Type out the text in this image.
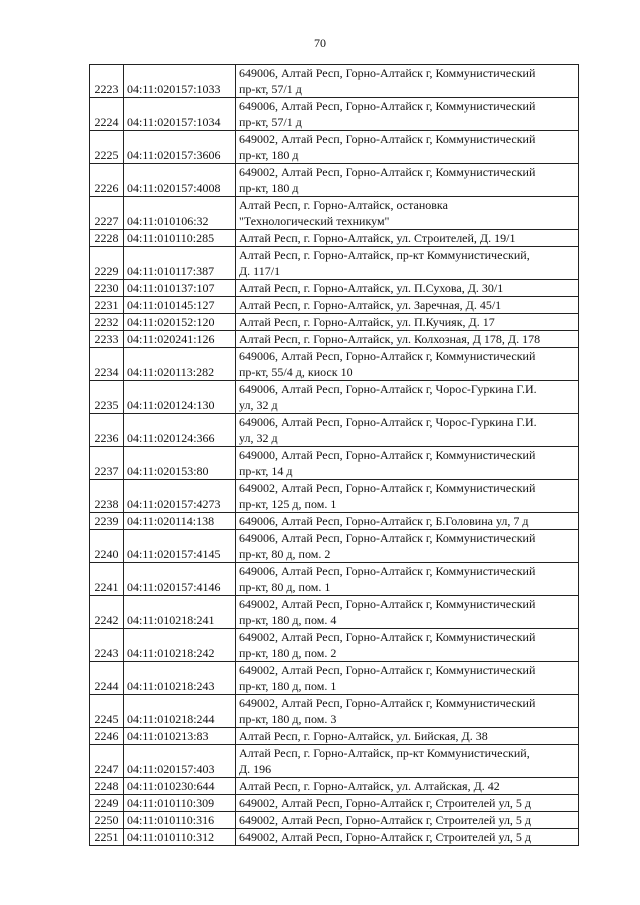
70
2223	04:11:020157:1033	649006, Алтай Респ, Горно-Алтайск г, Коммунистический
пр-кт, 57/1 д

2224	04:11:020157:1034	649006, Алтай Респ, Горно-Алтайск г, Коммунистический
пр-кт, 57/1 д

2225	04:11:020157:3606	649002, Алтай Респ, Горно-Алтайск г, Коммунистический
пр-кт, 180 д

2226	04:11:020157:4008	649002, Алтай Респ, Горно-Алтайск г, Коммунистический
пр-кт, 180 д

2227	04:11:010106:32	Алтай Респ, г. Горно-Алтайск, остановка
"Технологический техникум"

2228	04:11:010110:285	Алтай Респ, г. Горно-Алтайск, ул. Строителей, Д. 19/1

2229	04:11:010117:387	Алтай Респ, г. Горно-Алтайск, пр-кт Коммунистический,
Д. 117/1

2230	04:11:010137:107	Алтай Респ, г. Горно-Алтайск, ул. П.Сухова, Д. 30/1

2231	04:11:010145:127	Алтай Респ, г. Горно-Алтайск, ул. Заречная, Д. 45/1

2232	04:11:020152:120	Алтай Респ, г. Горно-Алтайск, ул. П.Кучияк, Д. 17

2233	04:11:020241:126	Алтай Респ, г. Горно-Алтайск, ул. Колхозная, Д 178, Д. 178

2234	04:11:020113:282	649006, Алтай Респ, Горно-Алтайск г, Коммунистический
пр-кт, 55/4 д, киоск 10

2235	04:11:020124:130	649006, Алтай Респ, Горно-Алтайск г, Чорос-Гуркина Г.И.
ул, 32 д

2236	04:11:020124:366	649006, Алтай Респ, Горно-Алтайск г, Чорос-Гуркина Г.И.
ул, 32 д

2237	04:11:020153:80	649000, Алтай Респ, Горно-Алтайск г, Коммунистический
пр-кт, 14 д

2238	04:11:020157:4273	649002, Алтай Респ, Горно-Алтайск г, Коммунистический
пр-кт, 125 д, пом. 1

2239	04:11:020114:138	649006, Алтай Респ, Горно-Алтайск г, Б.Головина ул, 7 д

2240	04:11:020157:4145	649006, Алтай Респ, Горно-Алтайск г, Коммунистический
пр-кт, 80 д, пом. 2

2241	04:11:020157:4146	649006, Алтай Респ, Горно-Алтайск г, Коммунистический
пр-кт, 80 д, пом. 1

2242	04:11:010218:241	649002, Алтай Респ, Горно-Алтайск г, Коммунистический
пр-кт, 180 д, пом. 4

2243	04:11:010218:242	649002, Алтай Респ, Горно-Алтайск г, Коммунистический
пр-кт, 180 д, пом. 2

2244	04:11:010218:243	649002, Алтай Респ, Горно-Алтайск г, Коммунистический
пр-кт, 180 д, пом. 1

2245	04:11:010218:244	649002, Алтай Респ, Горно-Алтайск г, Коммунистический
пр-кт, 180 д, пом. 3

2246	04:11:010213:83	Алтай Респ, г. Горно-Алтайск, ул. Бийская, Д. 38

2247	04:11:020157:403	Алтай Респ, г. Горно-Алтайск, пр-кт Коммунистический,
Д. 196

2248	04:11:010230:644	Алтай Респ, г. Горно-Алтайск, ул. Алтайская, Д. 42

2249	04:11:010110:309	649002, Алтай Респ, Горно-Алтайск г, Строителей ул, 5 д

2250	04:11:010110:316	649002, Алтай Респ, Горно-Алтайск г, Строителей ул, 5 д

2251	04:11:010110:312	649002, Алтай Респ, Горно-Алтайск г, Строителей ул, 5 д
